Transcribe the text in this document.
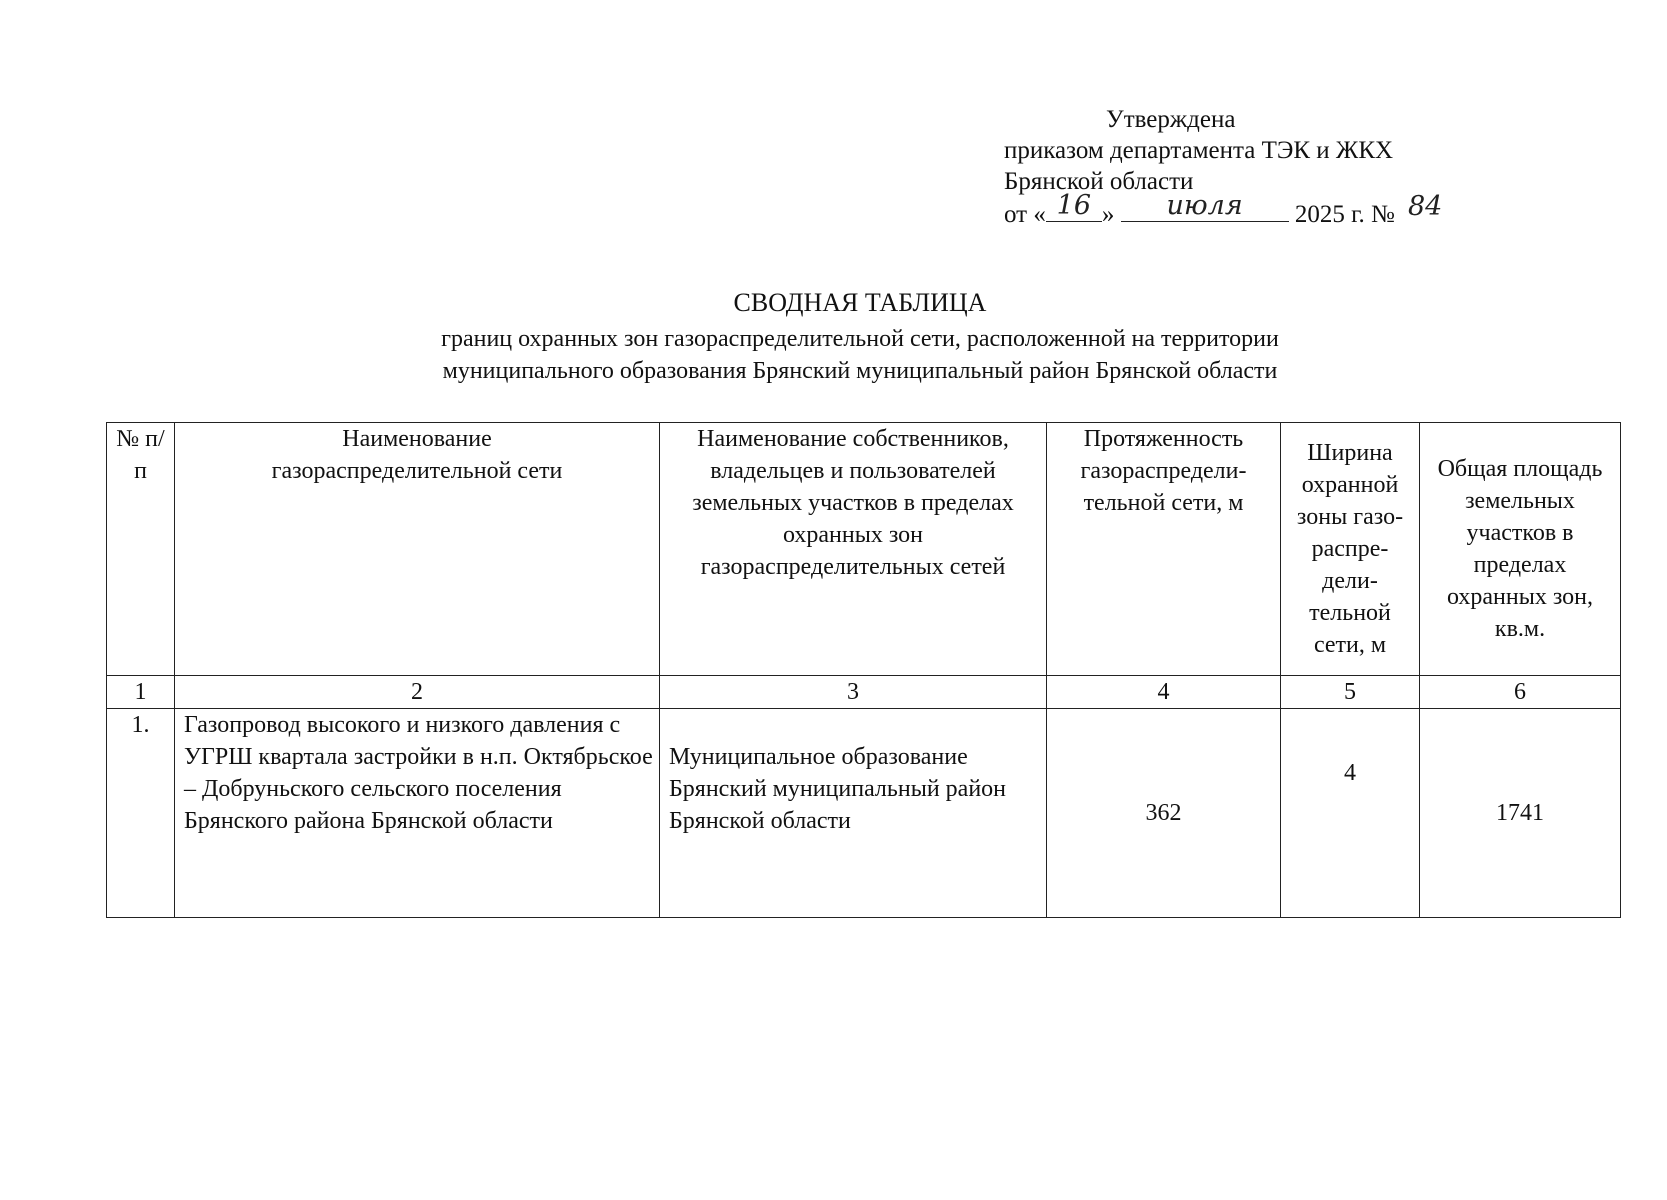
Утверждена
приказом департамента ТЭК и ЖКХ
Брянской области
от « 16 »	июля	2025 г. № 84
СВОДНАЯ ТАБЛИЦА
границ охранных зон газораспределительной сети, расположенной на территории
муниципального образования Брянский муниципальный район Брянской области
№ п/п	Наименование газораспределительной сети	Наименование собственников, владельцев и пользователей земельных участков в пределах охранных зон газораспределительных сетей	Протяженность газораспредели-тельной сети, м	Ширина охранной зоны газо-распре-дели-тельной сети, м	Общая площадь земельных участков в пределах охранных зон, кв.м.
1	2	3	4	5	6
1.	Газопровод высокого и низкого давления с УГРШ квартала застройки в н.п. Октябрьское – Добруньского сельского поселения Брянского района Брянской области	Муниципальное образование Брянский муниципальный район Брянской области	362	4	1741
